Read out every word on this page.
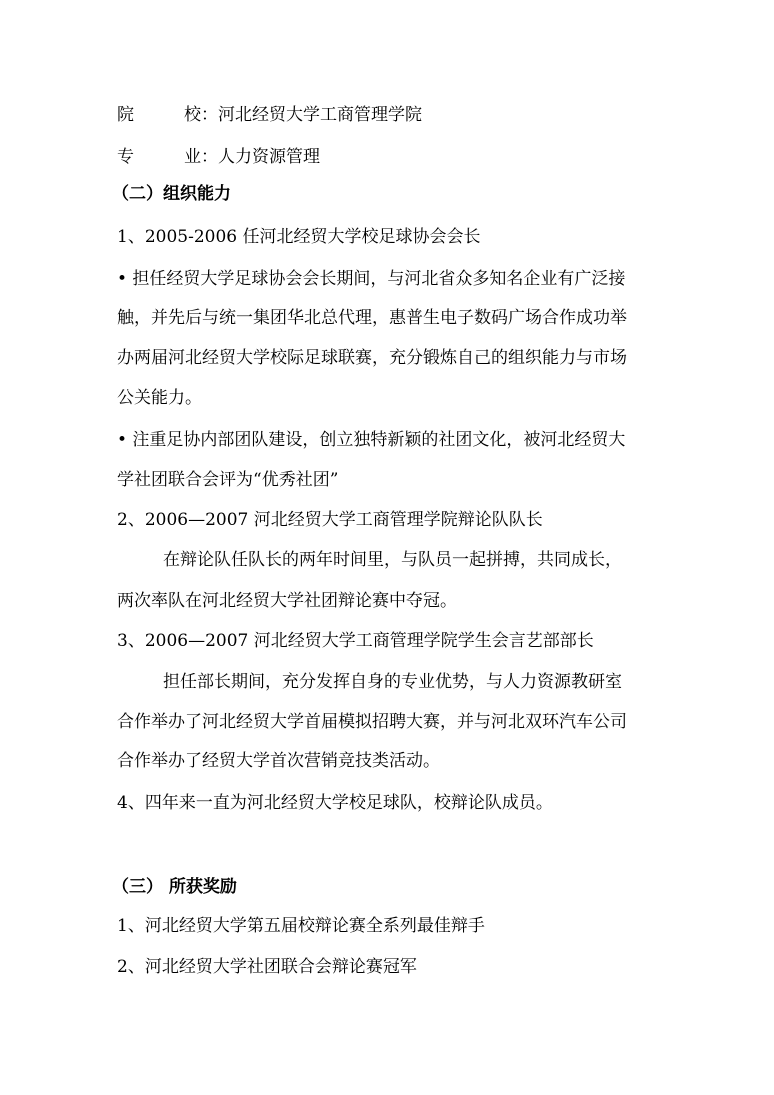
院	校：河北经贸大学工商管理学院
专	业：人力资源管理
（二）组织能力
1、2005-2006 任河北经贸大学校足球协会会长
• 担任经贸大学足球协会会长期间，与河北省众多知名企业有广泛接
触，并先后与统一集团华北总代理，惠普生电子数码广场合作成功举
办两届河北经贸大学校际足球联赛，充分锻炼自己的组织能力与市场
公关能力。
• 注重足协内部团队建设，创立独特新颖的社团文化，被河北经贸大
学社团联合会评为“优秀社团”
2、2006—2007 河北经贸大学工商管理学院辩论队队长
在辩论队任队长的两年时间里，与队员一起拼搏，共同成长，
两次率队在河北经贸大学社团辩论赛中夺冠。
3、2006—2007 河北经贸大学工商管理学院学生会言艺部部长
担任部长期间，充分发挥自身的专业优势，与人力资源教研室
合作举办了河北经贸大学首届模拟招聘大赛，并与河北双环汽车公司
合作举办了经贸大学首次营销竞技类活动。
4、四年来一直为河北经贸大学校足球队，校辩论队成员。
（三） 所获奖励
1、河北经贸大学第五届校辩论赛全系列最佳辩手
2、河北经贸大学社团联合会辩论赛冠军
